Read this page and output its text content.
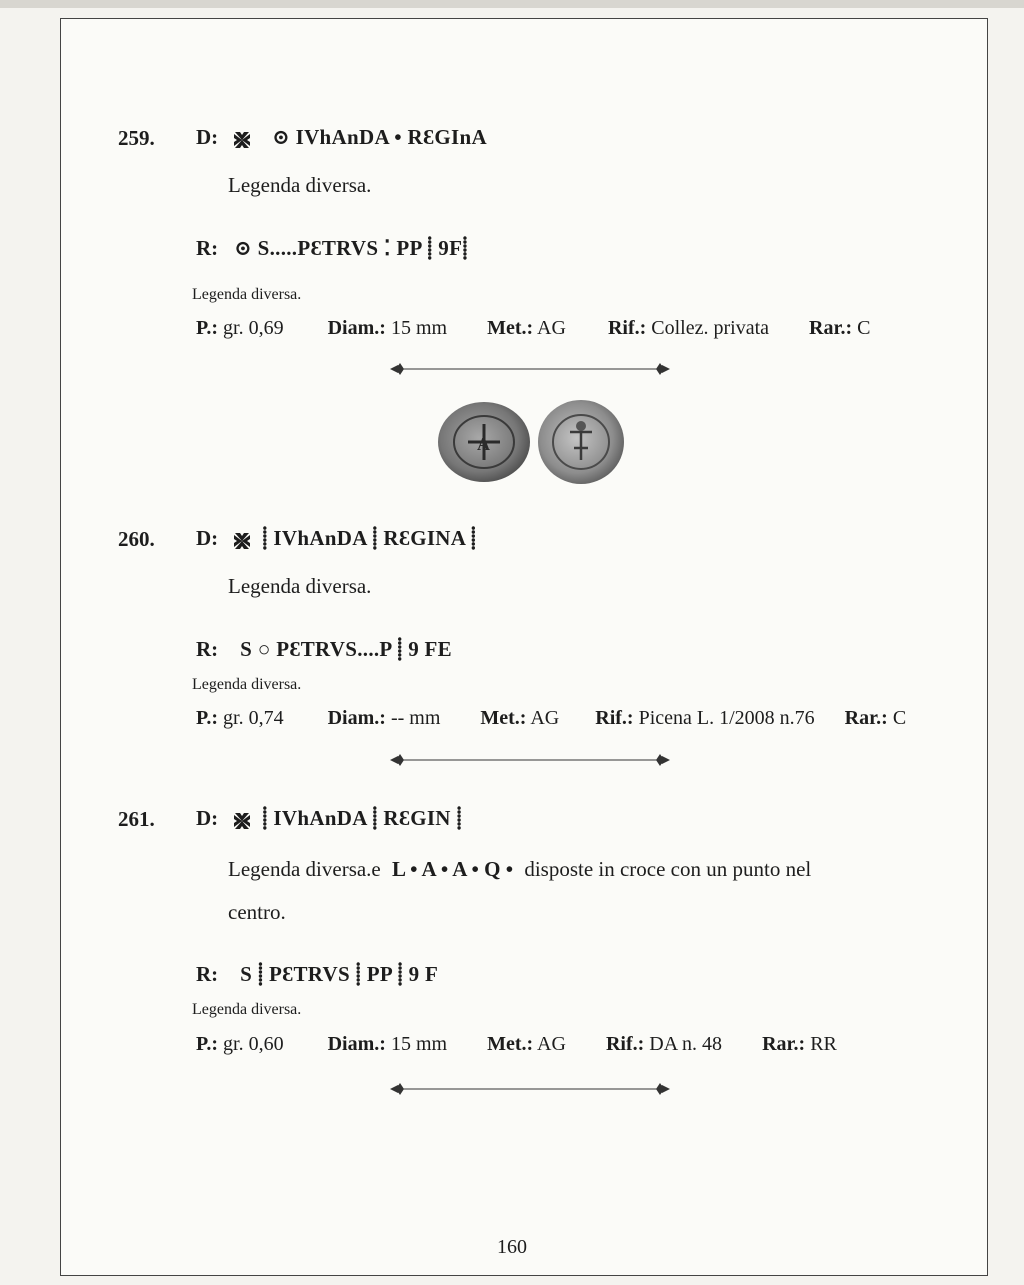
259. D:	⊙ IVhAnDA • RƐGInA
Legenda diversa.
R: ⊙ S.....PƐTRVS ⁚ PP ⸽ 9F⸽
Legenda diversa.
P.: gr. 0,69 Diam.: 15 mm Met.: AG Rif.: Collez. privata Rar.: C
A
260. D: ⸽ IVhAnDA ⸽ RƐGINA ⸽
Legenda diversa.
R: S ○ PƐTRVS....P ⸽ 9 FE
Legenda diversa.
P.: gr. 0,74 Diam.: -- mm Met.: AG Rif.: Picena L. 1/2008 n.76 Rar.: C
261. D: ⸽ IVhAnDA ⸽ RƐGIN ⸽
Legenda diversa.e L • A • A • Q • disposte in croce con un punto nel
centro.
R: S ⸽ PƐTRVS ⸽ PP ⸽ 9 F
Legenda diversa.
P.: gr. 0,60 Diam.: 15 mm Met.: AG Rif.: DA n. 48 Rar.: RR
160
